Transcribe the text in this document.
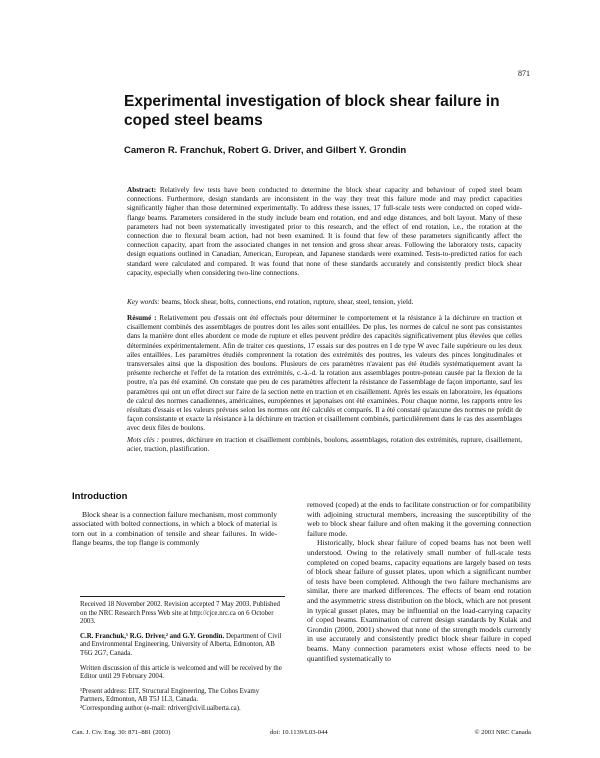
871
Experimental investigation of block shear failure in coped steel beams

Cameron R. Franchuk, Robert G. Driver, and Gilbert Y. Grondin

Abstract: Relatively few tests have been conducted to determine the block shear capacity and behaviour of coped steel beam connections. Furthermore, design standards are inconsistent in the way they treat this failure mode and may predict capacities significantly higher than those determined experimentally. To address these issues, 17 full-scale tests were conducted on coped wide-flange beams. Parameters considered in the study include beam end rotation, end and edge distances, and bolt layout. Many of these parameters had not been systematically investigated prior to this research, and the effect of end rotation, i.e., the rotation at the connection due to flexural beam action, had not been examined. It is found that few of these parameters significantly affect the connection capacity, apart from the associated changes in net tension and gross shear areas. Following the laboratory tests, capacity design equations outlined in Canadian, American, European, and Japanese standards were examined. Tests-to-predicted ratios for each standard were calculated and compared. It was found that none of these standards accurately and consistently predict block shear capacity, especially when considering two-line connections.

Key words: beams, block shear, bolts, connections, end rotation, rupture, shear, steel, tension, yield.

Résumé : Relativement peu d'essais ont été effectués pour déterminer le comportement et la résistance à la déchirure en traction et cisaillement combinés des assemblages de poutres dont les ailes sont entaillées. De plus, les normes de calcul ne sont pas consistantes dans la manière dont elles abordent ce mode de rupture et elles peuvent prédire des capacités significativement plus élevées que celles déterminées expérimentalement. Afin de traiter ces questions, 17 essais sur des poutres en I de type W avec l'aile supérieure ou les deux ailes entaillées. Les paramètres étudiés comprennent la rotation des extrémités des poutres, les valeurs des pinces longitudinales et transversales ainsi que la disposition des boulons. Plusieurs de ces paramètres n'avaient pas été étudiés systématiquement avant la présente recherche et l'effet de la rotation des extrémités, c.-à.-d. la rotation aux assemblages poutre-poteau causée par la flexion de la poutre, n'a pas été examiné. On constate que peu de ces paramètres affectent la résistance de l'assemblage de façon importante, sauf les paramètres qui ont un effet direct sur l'aire de la section nette en traction et en cisaillement. Après les essais en laboratoire, les équations de calcul des normes canadiennes, américaines, européennes et japonaises ont été examinées. Pour chaque norme, les rapports entre les résultats d'essais et les valeurs prévues selon les normes ont été calculés et comparés. Il a été constaté qu'aucune des normes ne prédit de façon consistante et exacte la résistance à la déchirure en traction et cisaillement combinés, particulièrement dans le cas des assemblages avec deux files de boulons.

Mots clés : poutres, déchirure en traction et cisaillement combinés, boulons, assemblages, rotation des extrémités, rupture, cisaillement, acier, traction, plastification.

Introduction

Block shear is a connection failure mechanism, most commonly associated with bolted connections, in which a block of material is torn out in a combination of tensile and shear failures. In wide-flange beams, the top flange is commonly

Received 18 November 2002. Revision accepted 7 May 2003. Published on the NRC Research Press Web site at http://cjce.nrc.ca on 6 October 2003.

C.R. Franchuk,¹ R.G. Driver,² and G.Y. Grondin. Department of Civil and Environmental Engineering, University of Alberta, Edmonton, AB T6G 2G7, Canada.

Written discussion of this article is welcomed and will be received by the Editor until 29 February 2004.

¹Present address: EIT, Structural Engineering, The Cohos Evamy Partners, Edmonton, AB T5J 1L3, Canada.

²Corresponding author (e-mail: rdriver@civil.ualberta.ca).

removed (coped) at the ends to facilitate construction or for compatibility with adjoining structural members, increasing the susceptibility of the web to block shear failure and often making it the governing connection failure mode.

Historically, block shear failure of coped beams has not been well understood. Owing to the relatively small number of full-scale tests completed on coped beams, capacity equations are largely based on tests of block shear failure of gusset plates, upon which a significant number of tests have been completed. Although the two failure mechanisms are similar, there are marked differences. The effects of beam end rotation and the asymmetric stress distribution on the block, which are not present in typical gusset plates, may be influential on the load-carrying capacity of coped beams. Examination of current design standards by Kulak and Grondin (2000, 2001) showed that none of the strength models currently in use accurately and consistently predict block shear failure in coped beams. Many connection parameters exist whose effects need to be quantified systematically to

Can. J. Civ. Eng. 30: 871–881 (2003)	doi: 10.1139/L03-044	© 2003 NRC Canada
